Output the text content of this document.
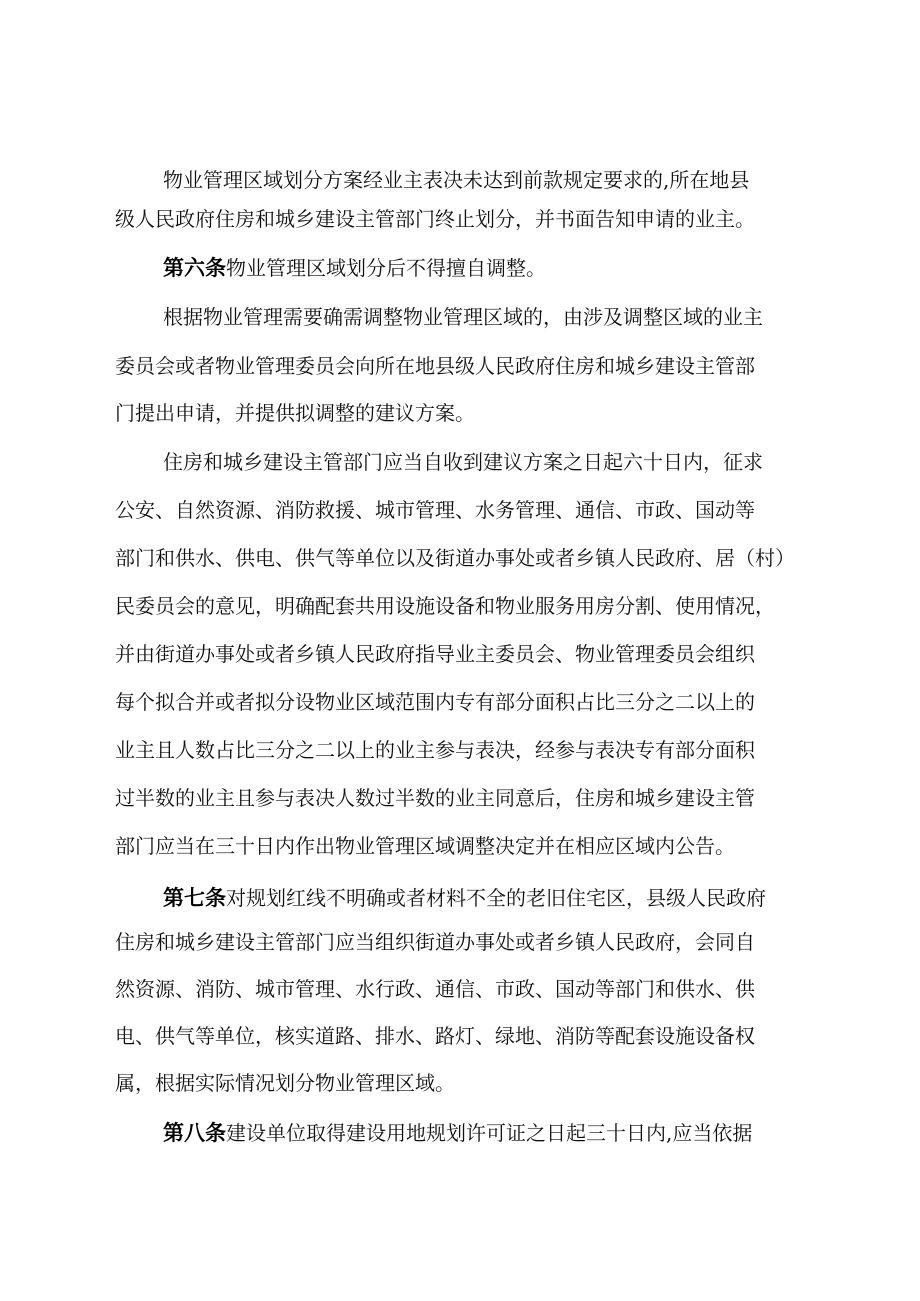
物业管理区域划分方案经业主表决未达到前款规定要求的,所在地县
级人民政府住房和城乡建设主管部门终止划分，并书面告知申请的业主。
第六条物业管理区域划分后不得擅自调整。
根据物业管理需要确需调整物业管理区域的，由涉及调整区域的业主
委员会或者物业管理委员会向所在地县级人民政府住房和城乡建设主管部
门提出申请，并提供拟调整的建议方案。
住房和城乡建设主管部门应当自收到建议方案之日起六十日内，征求
公安、自然资源、消防救援、城市管理、水务管理、通信、市政、国动等
部门和供水、供电、供气等单位以及街道办事处或者乡镇人民政府、居（村）
民委员会的意见，明确配套共用设施设备和物业服务用房分割、使用情况，
并由街道办事处或者乡镇人民政府指导业主委员会、物业管理委员会组织
每个拟合并或者拟分设物业区域范围内专有部分面积占比三分之二以上的
业主且人数占比三分之二以上的业主参与表决，经参与表决专有部分面积
过半数的业主且参与表决人数过半数的业主同意后，住房和城乡建设主管
部门应当在三十日内作出物业管理区域调整决定并在相应区域内公告。
第七条对规划红线不明确或者材料不全的老旧住宅区，县级人民政府
住房和城乡建设主管部门应当组织街道办事处或者乡镇人民政府，会同自
然资源、消防、城市管理、水行政、通信、市政、国动等部门和供水、供
电、供气等单位，核实道路、排水、路灯、绿地、消防等配套设施设备权
属，根据实际情况划分物业管理区域。
第八条建设单位取得建设用地规划许可证之日起三十日内,应当依据
